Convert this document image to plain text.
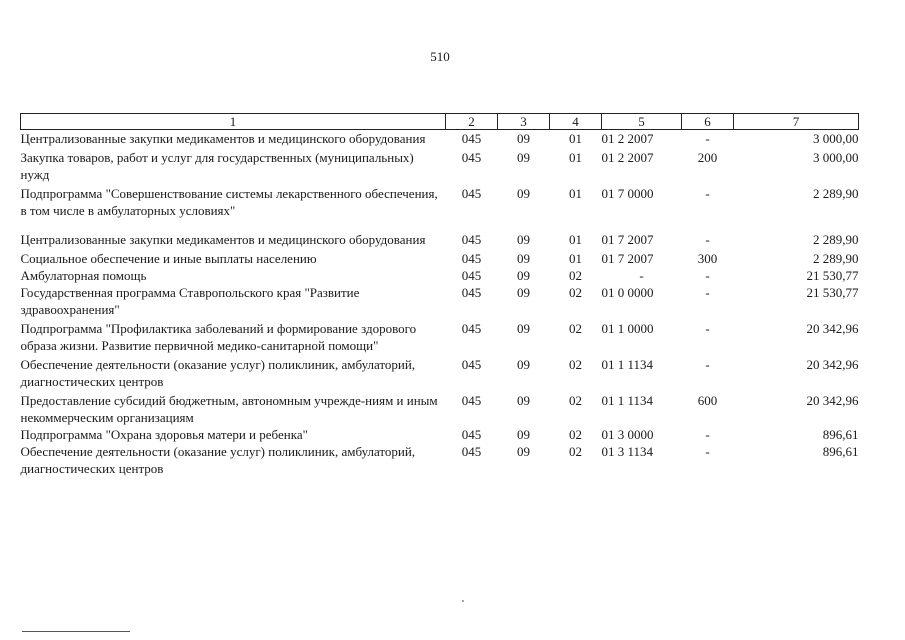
510
1	2	3	4	5	6	7
Централизованные закупки медикаментов и медицинского оборудования	045	09	01	01 2 2007	-	3 000,00
Закупка товаров, работ и услуг для государственных (муниципальных) нужд	045	09	01	01 2 2007	200	3 000,00
Подпрограмма "Совершенствование системы лекарственного обеспечения, в том числе в амбулаторных условиях"	045	09	01	01 7 0000	-	2 289,90
Централизованные закупки медикаментов и медицинского оборудования	045	09	01	01 7 2007	-	2 289,90
Социальное обеспечение и иные выплаты населению	045	09	01	01 7 2007	300	2 289,90
Амбулаторная помощь	045	09	02	-	-	21 530,77
Государственная программа Ставропольского края "Развитие здравоохранения"	045	09	02	01 0 0000	-	21 530,77
Подпрограмма "Профилактика заболеваний и формирование здорового образа жизни. Развитие первичной медико-санитарной помощи"	045	09	02	01 1 0000	-	20 342,96
Обеспечение деятельности (оказание услуг) поликлиник, амбулаторий, диагностических центров	045	09	02	01 1 1134	-	20 342,96
Предоставление субсидий бюджетным, автономным учрежде-ниям и иным некоммерческим организациям	045	09	02	01 1 1134	600	20 342,96
Подпрограмма "Охрана здоровья матери и ребенка"	045	09	02	01 3 0000	-	896,61
Обеспечение деятельности (оказание услуг) поликлиник, амбулаторий, диагностических центров	045	09	02	01 3 1134	-	896,61
